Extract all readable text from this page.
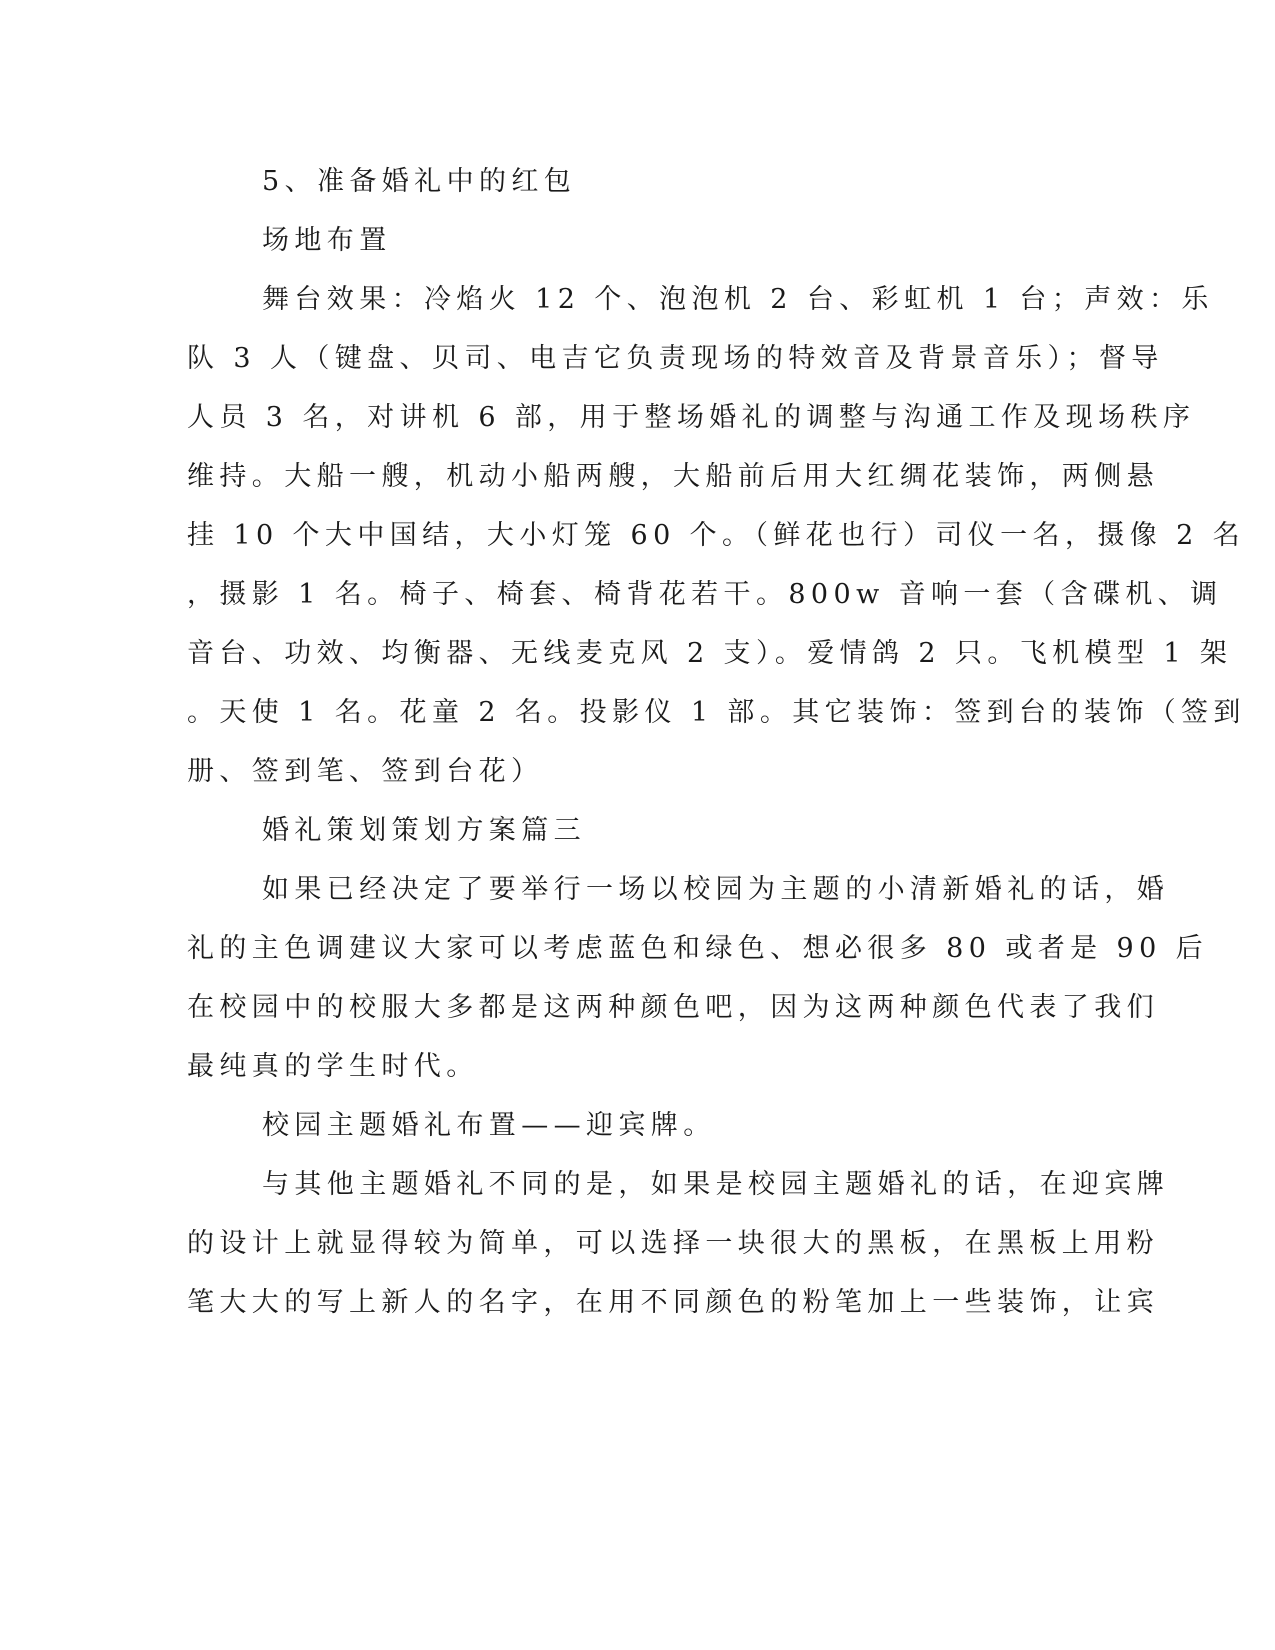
5、准备婚礼中的红包
场地布置
舞台效果：冷焰火 12 个、泡泡机 2 台、彩虹机 1 台；声效：乐
队 3 人（键盘、贝司、电吉它负责现场的特效音及背景音乐）；督导
人员 3 名，对讲机 6 部，用于整场婚礼的调整与沟通工作及现场秩序
维持。大船一艘，机动小船两艘，大船前后用大红绸花装饰，两侧悬
挂 10 个大中国结，大小灯笼 60 个。（鲜花也行）司仪一名，摄像 2 名
，摄影 1 名。椅子、椅套、椅背花若干。800w 音响一套（含碟机、调
音台、功效、均衡器、无线麦克风 2 支）。爱情鸽 2 只。飞机模型 1 架
。天使 1 名。花童 2 名。投影仪 1 部。其它装饰：签到台的装饰（签到
册、签到笔、签到台花）
婚礼策划策划方案篇三
如果已经决定了要举行一场以校园为主题的小清新婚礼的话，婚
礼的主色调建议大家可以考虑蓝色和绿色、想必很多 80 或者是 90 后
在校园中的校服大多都是这两种颜色吧，因为这两种颜色代表了我们
最纯真的学生时代。
校园主题婚礼布置——迎宾牌。
与其他主题婚礼不同的是，如果是校园主题婚礼的话，在迎宾牌
的设计上就显得较为简单，可以选择一块很大的黑板，在黑板上用粉
笔大大的写上新人的名字，在用不同颜色的粉笔加上一些装饰，让宾
